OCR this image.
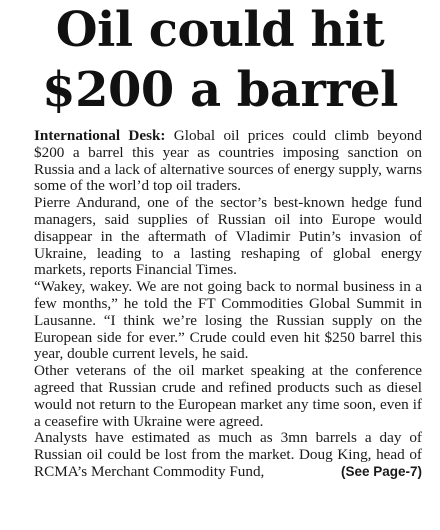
Oil could hit
$200 a barrel

International Desk: Global oil prices could climb beyond $200 a barrel this year as countries imposing sanction on Russia and a lack of alternative sources of energy supply, warns some of the worl’d top oil traders.

Pierre Andurand, one of the sector’s best-known hedge fund managers, said supplies of Russian oil into Europe would disappear in the aftermath of Vladimir Putin’s invasion of Ukraine, leading to a lasting reshaping of global energy markets, reports Financial Times.

“Wakey, wakey. We are not going back to normal business in a few months,” he told the FT Commodities Global Summit in Lausanne. “I think we’re losing the Russian supply on the European side for ever.” Crude could even hit $250 barrel this year, double current levels, he said.

Other veterans of the oil market speaking at the conference agreed that Russian crude and refined products such as diesel would not return to the European market any time soon, even if a ceasefire with Ukraine were agreed.

Analysts have estimated as much as 3mn barrels a day of Russian oil could be lost from the market. Doug King, head of RCMA’s Merchant Commodity Fund,	(See Page-7)
